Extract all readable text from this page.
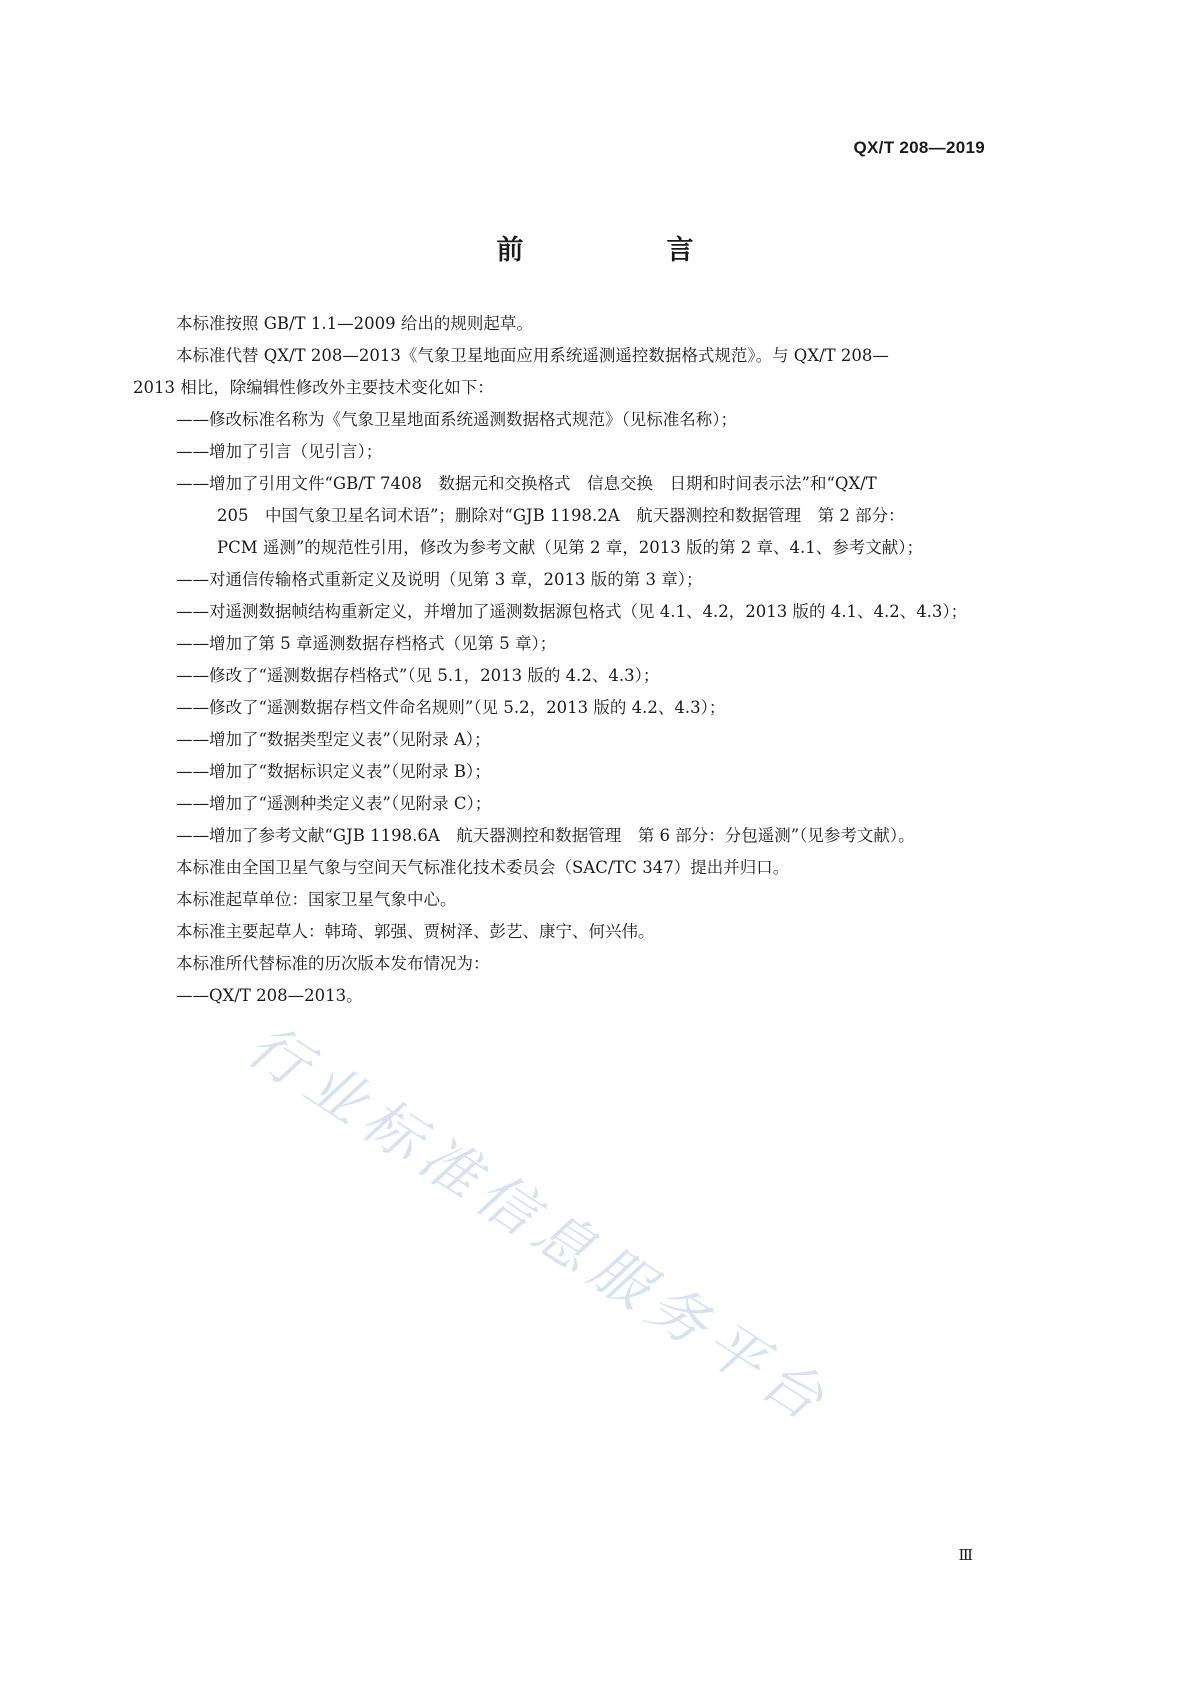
QX/T 208—2019
前　言
本标准按照 GB/T 1.1—2009 给出的规则起草。
本标准代替 QX/T 208—2013《气象卫星地面应用系统遥测遥控数据格式规范》。与 QX/T 208—
2013 相比，除编辑性修改外主要技术变化如下：
——修改标准名称为《气象卫星地面系统遥测数据格式规范》（见标准名称）；
——增加了引言（见引言）；
——增加了引用文件“GB/T 7408　数据元和交换格式　信息交换　日期和时间表示法”和“QX/T
205　中国气象卫星名词术语”；删除对“GJB 1198.2A　航天器测控和数据管理　第 2 部分：
PCM 遥测”的规范性引用，修改为参考文献（见第 2 章，2013 版的第 2 章、4.1、参考文献）；
——对通信传输格式重新定义及说明（见第 3 章，2013 版的第 3 章）；
——对遥测数据帧结构重新定义，并增加了遥测数据源包格式（见 4.1、4.2，2013 版的 4.1、4.2、4.3）；
——增加了第 5 章遥测数据存档格式（见第 5 章）；
——修改了“遥测数据存档格式”（见 5.1，2013 版的 4.2、4.3）；
——修改了“遥测数据存档文件命名规则”（见 5.2，2013 版的 4.2、4.3）；
——增加了“数据类型定义表”（见附录 A）；
——增加了“数据标识定义表”（见附录 B）；
——增加了“遥测种类定义表”（见附录 C）；
——增加了参考文献“GJB 1198.6A　航天器测控和数据管理　第 6 部分：分包遥测”（见参考文献）。
本标准由全国卫星气象与空间天气标准化技术委员会（SAC/TC 347）提出并归口。
本标准起草单位：国家卫星气象中心。
本标准主要起草人：韩琦、郭强、贾树泽、彭艺、康宁、何兴伟。
本标准所代替标准的历次版本发布情况为：
——QX/T 208—2013。
行业标准信息服务平台
Ⅲ
